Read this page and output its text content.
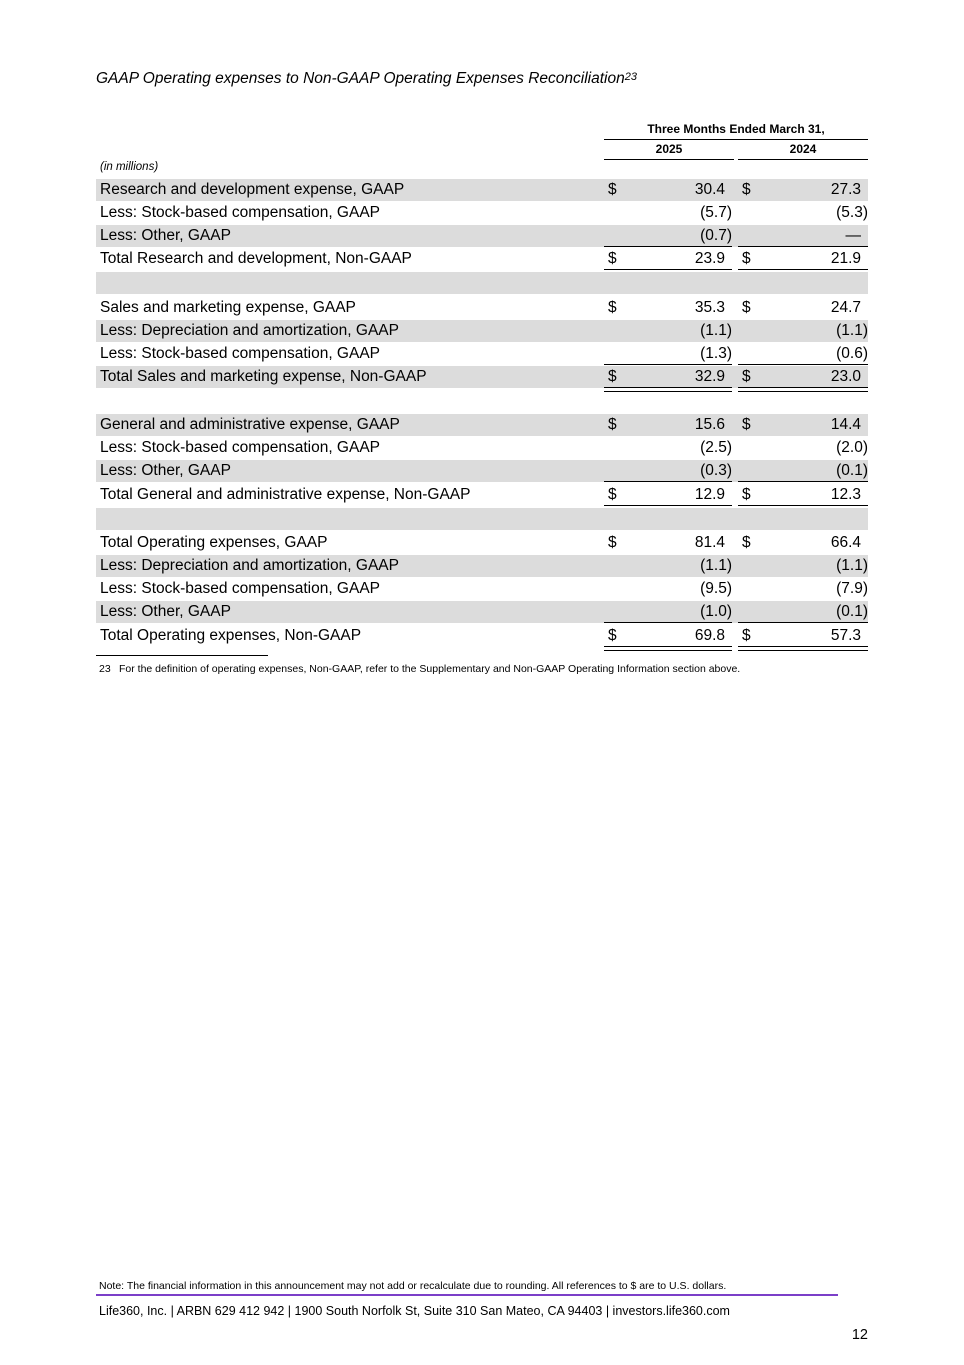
GAAP Operating expenses to Non-GAAP Operating Expenses Reconciliation$^{23}$
Three Months Ended March 31,
2025	2024
(in millions)
Research and development expense, GAAP	$	30.4 $	27.3
Less: Stock-based compensation, GAAP	(5.7)	(5.3)
Less: Other, GAAP	(0.7)	—
Total Research and development, Non-GAAP	$	23.9 $	21.9
Sales and marketing expense, GAAP	$	35.3 $	24.7
Less: Depreciation and amortization, GAAP	(1.1)	(1.1)
Less: Stock-based compensation, GAAP	(1.3)	(0.6)
Total Sales and marketing expense, Non-GAAP	$	32.9 $	23.0
General and administrative expense, GAAP	$	15.6 $	14.4
Less: Stock-based compensation, GAAP	(2.5)	(2.0)
Less: Other, GAAP	(0.3)	(0.1)
Total General and administrative expense, Non-GAAP	$	12.9 $	12.3
Total Operating expenses, GAAP	$	81.4 $	66.4
Less: Depreciation and amortization, GAAP	(1.1)	(1.1)
Less: Stock-based compensation, GAAP	(9.5)	(7.9)
Less: Other, GAAP	(1.0)	(0.1)
Total Operating expenses, Non-GAAP	$	69.8 $	57.3
23 For the definition of operating expenses, Non-GAAP, refer to the Supplementary and Non-GAAP Operating Information section above.
Note: The financial information in this announcement may not add or recalculate due to rounding. All references to $ are to U.S. dollars.
Life360, Inc. | ARBN 629 412 942 | 1900 South Norfolk St, Suite 310 San Mateo, CA 94403 | investors.life360.com
12
